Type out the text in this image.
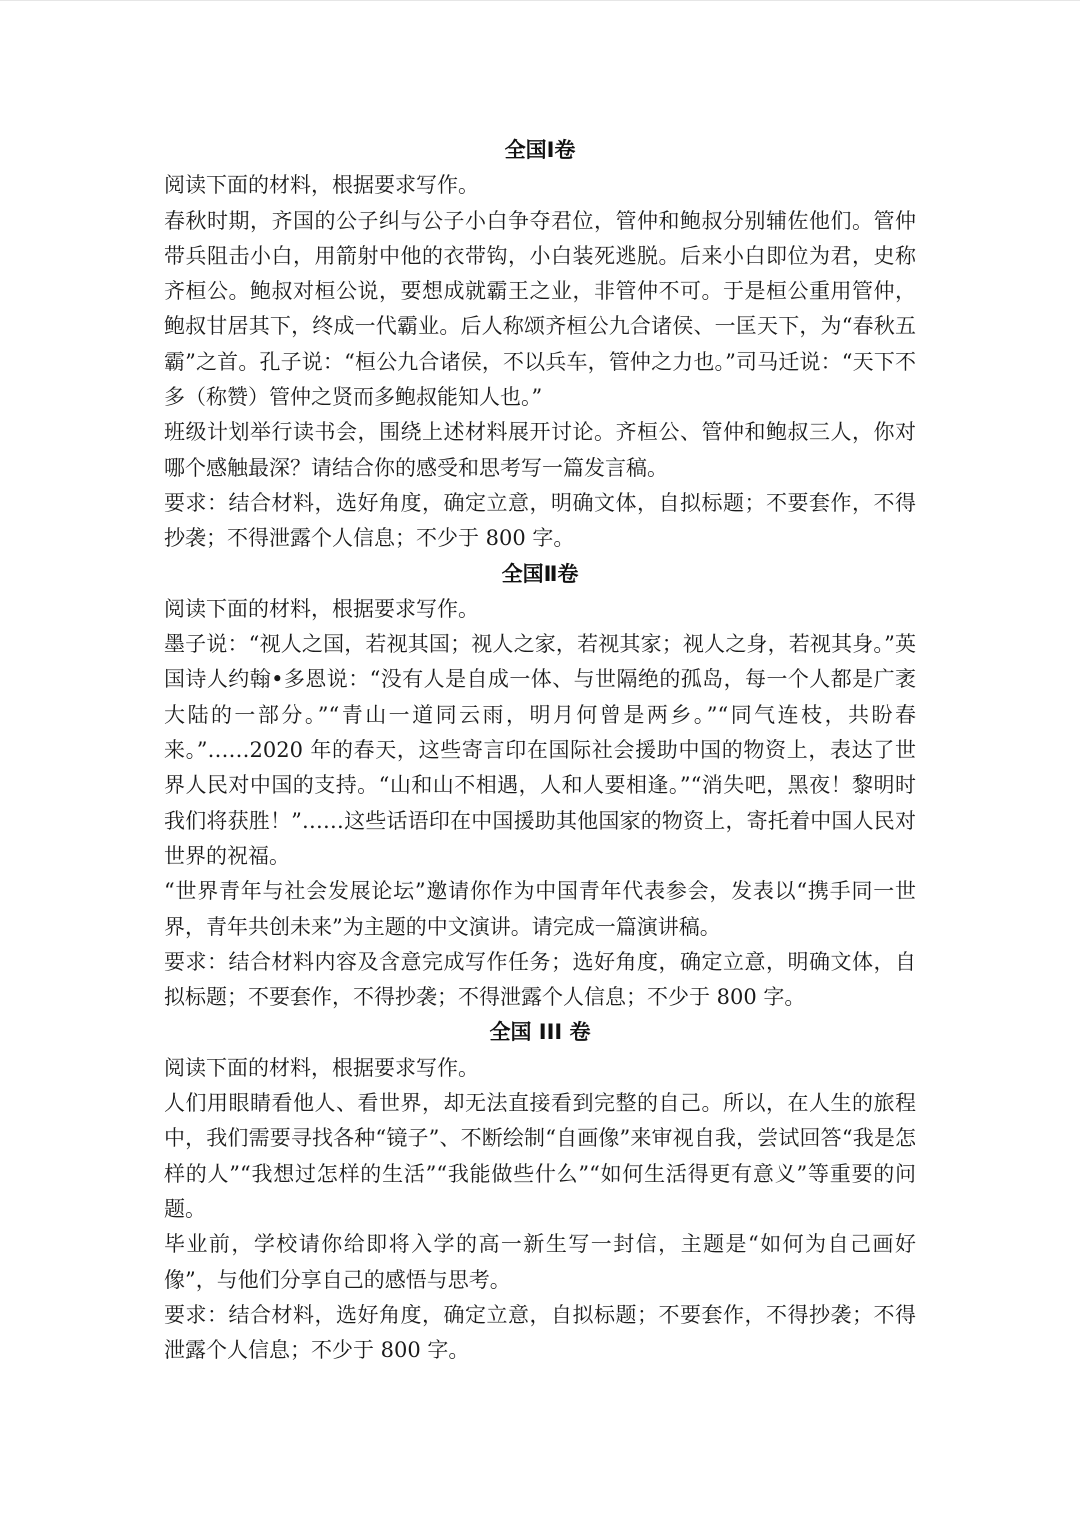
全国Ⅰ卷

阅读下面的材料，根据要求写作。

春秋时期，齐国的公子纠与公子小白争夺君位，管仲和鲍叔分别辅佐他们。管仲带兵阻击小白，用箭射中他的衣带钩，小白装死逃脱。后来小白即位为君，史称齐桓公。鲍叔对桓公说，要想成就霸王之业，非管仲不可。于是桓公重用管仲，鲍叔甘居其下，终成一代霸业。后人称颂齐桓公九合诸侯、一匡天下，为“春秋五霸”之首。孔子说：“桓公九合诸侯，不以兵车，管仲之力也。”司马迁说：“天下不多（称赞）管仲之贤而多鲍叔能知人也。”

班级计划举行读书会，围绕上述材料展开讨论。齐桓公、管仲和鲍叔三人，你对哪个感触最深？请结合你的感受和思考写一篇发言稿。

要求：结合材料，选好角度，确定立意，明确文体，自拟标题；不要套作，不得抄袭；不得泄露个人信息；不少于 800 字。

全国Ⅱ卷

阅读下面的材料，根据要求写作。

墨子说：“视人之国，若视其国；视人之家，若视其家；视人之身，若视其身。”英国诗人约翰•多恩说：“没有人是自成一体、与世隔绝的孤岛，每一个人都是广袤大陆的一部分。”“青山一道同云雨，明月何曾是两乡。”“同气连枝，共盼春来。”……2020 年的春天，这些寄言印在国际社会援助中国的物资上，表达了世界人民对中国的支持。“山和山不相遇，人和人要相逢。”“消失吧，黑夜！黎明时我们将获胜！”……这些话语印在中国援助其他国家的物资上，寄托着中国人民对世界的祝福。

“世界青年与社会发展论坛”邀请你作为中国青年代表参会，发表以“携手同一世界，青年共创未来”为主题的中文演讲。请完成一篇演讲稿。

要求：结合材料内容及含意完成写作任务；选好角度，确定立意，明确文体，自拟标题；不要套作，不得抄袭；不得泄露个人信息；不少于 800 字。

全国 III 卷

阅读下面的材料，根据要求写作。

人们用眼睛看他人、看世界，却无法直接看到完整的自己。所以，在人生的旅程中，我们需要寻找各种“镜子”、不断绘制“自画像”来审视自我，尝试回答“我是怎样的人”“我想过怎样的生活”“我能做些什么”“如何生活得更有意义”等重要的问题。

毕业前，学校请你给即将入学的高一新生写一封信，主题是“如何为自己画好像”，与他们分享自己的感悟与思考。

要求：结合材料，选好角度，确定立意，自拟标题；不要套作，不得抄袭；不得泄露个人信息；不少于 800 字。
